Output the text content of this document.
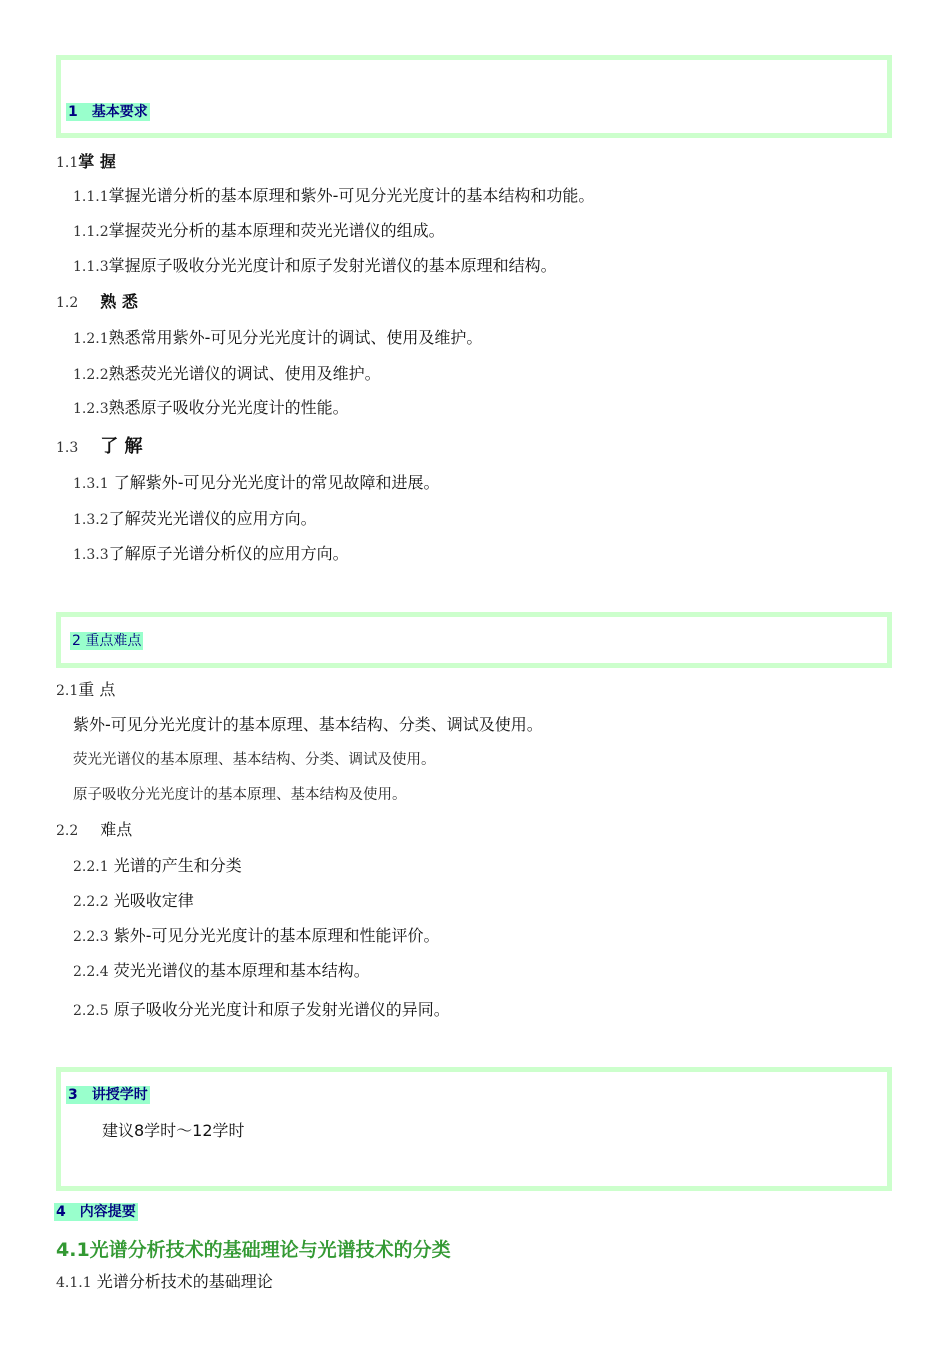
1　基本要求
1.1掌 握
1.1.1掌握光谱分析的基本原理和紫外-可见分光光度计的基本结构和功能。
1.1.2掌握荧光分析的基本原理和荧光光谱仪的组成。
1.1.3掌握原子吸收分光光度计和原子发射光谱仪的基本原理和结构。
1.2 熟 悉
1.2.1熟悉常用紫外-可见分光光度计的调试、使用及维护。
1.2.2熟悉荧光光谱仪的调试、使用及维护。
1.2.3熟悉原子吸收分光光度计的性能。
1.3 了 解
1.3.1 了解紫外-可见分光光度计的常见故障和进展。
1.3.2了解荧光光谱仪的应用方向。
1.3.3了解原子光谱分析仪的应用方向。
2 重点难点
2.1重 点
紫外-可见分光光度计的基本原理、基本结构、分类、调试及使用。
荧光光谱仪的基本原理、基本结构、分类、调试及使用。
原子吸收分光光度计的基本原理、基本结构及使用。
2.2 难点
2.2.1 光谱的产生和分类
2.2.2 光吸收定律
2.2.3 紫外-可见分光光度计的基本原理和性能评价。
2.2.4 荧光光谱仪的基本原理和基本结构。
2.2.5 原子吸收分光光度计和原子发射光谱仪的异同。
3　讲授学时
建议8学时～12学时
4　内容提要
4.1光谱分析技术的基础理论与光谱技术的分类
4.1.1 光谱分析技术的基础理论
